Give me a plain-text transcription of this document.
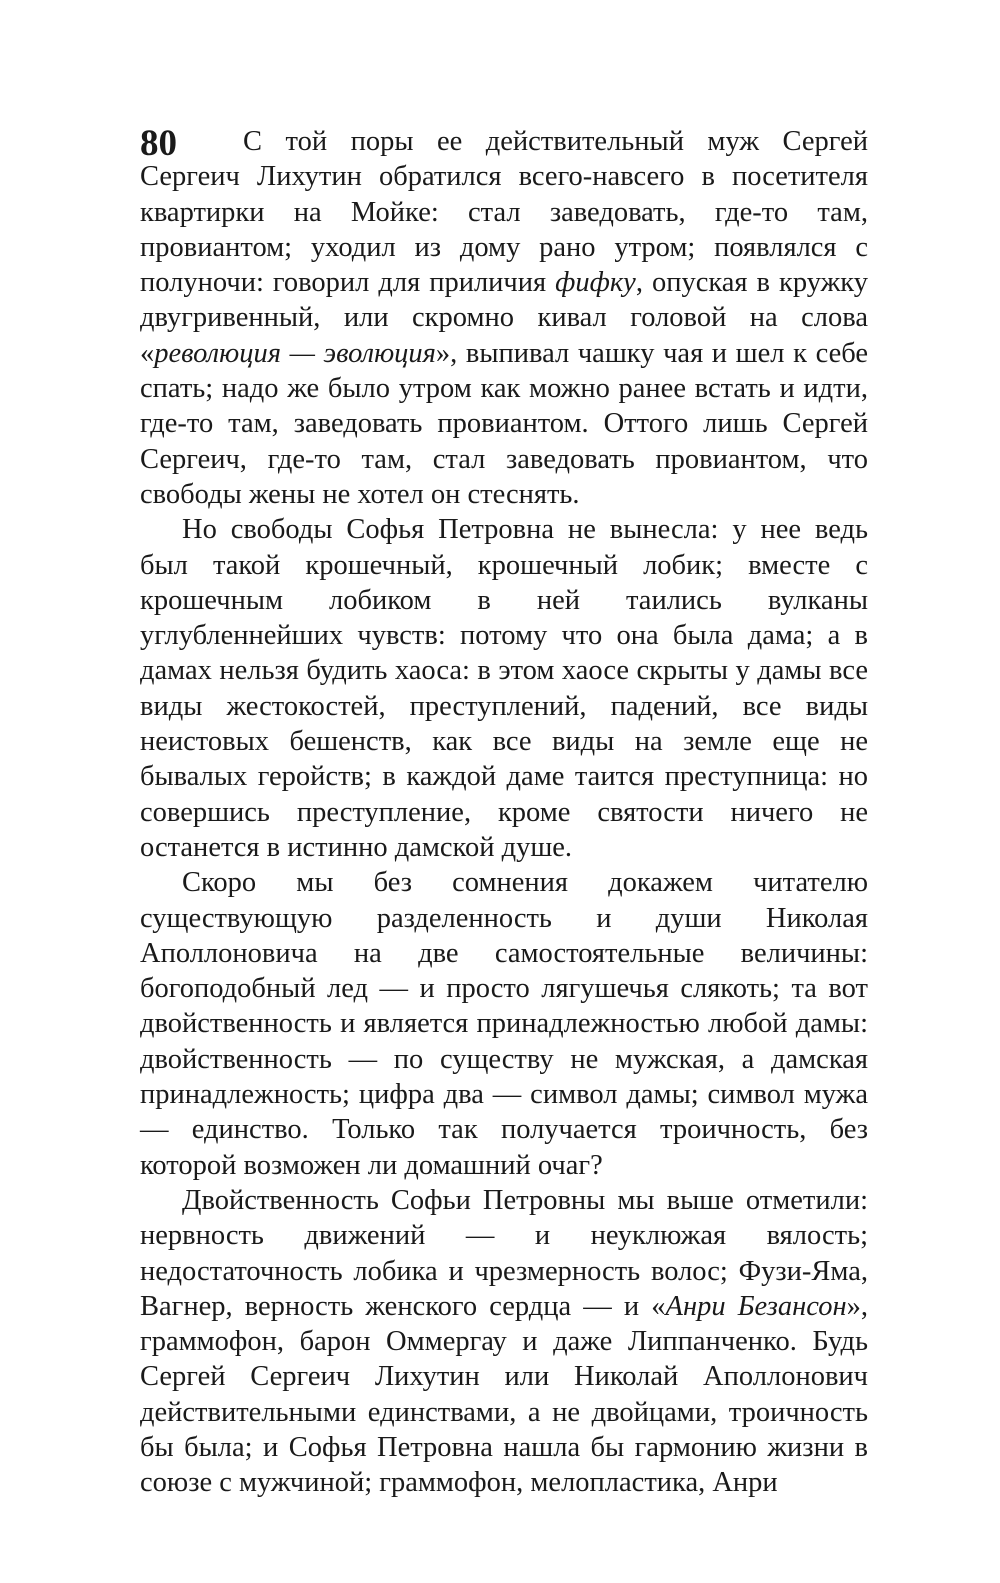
80	С той поры ее действительный муж Сергей Сергеич Лихутин обратился всего-навсего в посетителя квартирки на Мойке: стал заведовать, где-то там, провиантом; уходил из дому рано утром; появлялся с полуночи: говорил для приличия фифку, опуская в кружку двугривенный, или скромно кивал головой на слова «революция — эволюция», выпивал чашку чая и шел к себе спать; надо же было утром как можно ранее встать и идти, где-то там, заведовать провиантом. Оттого лишь Сергей Сергеич, где-то там, стал заведовать провиантом, что свободы жены не хотел он стеснять.

Но свободы Софья Петровна не вынесла: у нее ведь был такой крошечный, крошечный лобик; вместе с крошечным лобиком в ней таились вулканы углубленнейших чувств: потому что она была дама; а в дамах нельзя будить хаоса: в этом хаосе скрыты у дамы все виды жестокостей, преступлений, падений, все виды неистовых бешенств, как все виды на земле еще не бывалых геройств; в каждой даме таится преступница: но совершись преступление, кроме святости ничего не останется в истинно дамской душе.

Скоро мы без сомнения докажем читателю существующую разделенность и души Николая Аполлоновича на две самостоятельные величины: богоподобный лед — и просто лягушечья слякоть; та вот двойственность и является принадлежностью любой дамы: двойственность — по существу не мужская, а дамская принадлежность; цифра два — символ дамы; символ мужа — единство. Только так получается троичность, без которой возможен ли домашний очаг?

Двойственность Софьи Петровны мы выше отметили: нервность движений — и неуклюжая вялость; недостаточность лобика и чрезмерность волос; Фузи-Яма, Вагнер, верность женского сердца — и «Анри Безансон», граммофон, барон Оммергау и даже Липпанченко. Будь Сергей Сергеич Лихутин или Николай Аполлонович действительными единствами, а не двойцами, троичность бы была; и Софья Петровна нашла бы гармонию жизни в союзе с мужчиной; граммофон, мелопластика, Анри
